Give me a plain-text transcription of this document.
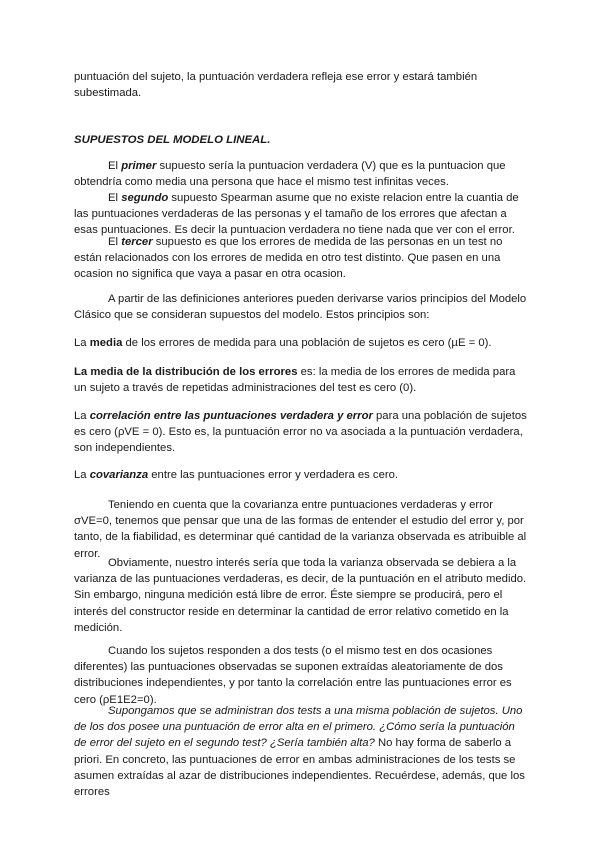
puntuación del sujeto, la puntuación verdadera refleja ese error y estará también subestimada.

SUPUESTOS DEL MODELO LINEAL.

El primer supuesto sería la puntuacion verdadera (V) que es la puntuacion que obtendría como media una persona que hace el mismo test infinitas veces.

El segundo supuesto Spearman asume que no existe relacion entre la cuantia de las puntuaciones verdaderas de las personas y el tamaño de los errores que afectan a esas puntuaciones. Es decir la puntuacion verdadera no tiene nada que ver con el error.

El tercer supuesto es que los errores de medida de las personas en un test no están relacionados con los errores de medida en otro test distinto. Que pasen en una ocasion no significa que vaya a pasar en otra ocasion.

A partir de las definiciones anteriores pueden derivarse varios principios del Modelo Clásico que se consideran supuestos del modelo. Estos principios son:

La media de los errores de medida para una población de sujetos es cero (µE = 0).

La media de la distribución de los errores es: la media de los errores de medida para un sujeto a través de repetidas administraciones del test es cero (0).

La correlación entre las puntuaciones verdadera y error para una población de sujetos es cero (ρVE = 0). Esto es, la puntuación error no va asociada a la puntuación verdadera, son independientes.

La covarianza entre las puntuaciones error y verdadera es cero.

Teniendo en cuenta que la covarianza entre puntuaciones verdaderas y error σVE=0, tenemos que pensar que una de las formas de entender el estudio del error y, por tanto, de la fiabilidad, es determinar qué cantidad de la varianza observada es atribuible al error.

Obviamente, nuestro interés sería que toda la varianza observada se debiera a la varianza de las puntuaciones verdaderas, es decir, de la puntuación en el atributo medido. Sin embargo, ninguna medición está libre de error. Éste siempre se producirá, pero el interés del constructor reside en determinar la cantidad de error relativo cometido en la medición.

Cuando los sujetos responden a dos tests (o el mismo test en dos ocasiones diferentes) las puntuaciones observadas se suponen extraídas aleatoriamente de dos distribuciones independientes, y por tanto la correlación entre las puntuaciones error es cero (ρE1E2=0).

Supongamos que se administran dos tests a una misma población de sujetos. Uno de los dos posee una puntuación de error alta en el primero. ¿Cómo sería la puntuación de error del sujeto en el segundo test? ¿Sería también alta? No hay forma de saberlo a priori. En concreto, las puntuaciones de error en ambas administraciones de los tests se asumen extraídas al azar de distribuciones independientes. Recuérdese, además, que los errores
